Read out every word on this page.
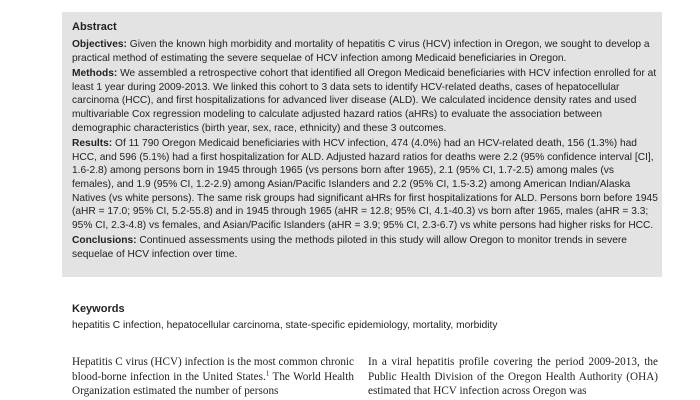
Abstract

Objectives: Given the known high morbidity and mortality of hepatitis C virus (HCV) infection in Oregon, we sought to develop a practical method of estimating the severe sequelae of HCV infection among Medicaid beneficiaries in Oregon.

Methods: We assembled a retrospective cohort that identified all Oregon Medicaid beneficiaries with HCV infection enrolled for at least 1 year during 2009-2013. We linked this cohort to 3 data sets to identify HCV-related deaths, cases of hepatocellular carcinoma (HCC), and first hospitalizations for advanced liver disease (ALD). We calculated incidence density rates and used multivariable Cox regression modeling to calculate adjusted hazard ratios (aHRs) to evaluate the association between demographic characteristics (birth year, sex, race, ethnicity) and these 3 outcomes.

Results: Of 11 790 Oregon Medicaid beneficiaries with HCV infection, 474 (4.0%) had an HCV-related death, 156 (1.3%) had HCC, and 596 (5.1%) had a first hospitalization for ALD. Adjusted hazard ratios for deaths were 2.2 (95% confidence interval [CI], 1.6-2.8) among persons born in 1945 through 1965 (vs persons born after 1965), 2.1 (95% CI, 1.7-2.5) among males (vs females), and 1.9 (95% CI, 1.2-2.9) among Asian/Pacific Islanders and 2.2 (95% CI, 1.5-3.2) among American Indian/Alaska Natives (vs white persons). The same risk groups had significant aHRs for first hospitalizations for ALD. Persons born before 1945 (aHR = 17.0; 95% CI, 5.2-55.8) and in 1945 through 1965 (aHR = 12.8; 95% CI, 4.1-40.3) vs born after 1965, males (aHR = 3.3; 95% CI, 2.3-4.8) vs females, and Asian/Pacific Islanders (aHR = 3.9; 95% CI, 2.3-6.7) vs white persons had higher risks for HCC.

Conclusions: Continued assessments using the methods piloted in this study will allow Oregon to monitor trends in severe sequelae of HCV infection over time.

Keywords

hepatitis C infection, hepatocellular carcinoma, state-specific epidemiology, mortality, morbidity

Hepatitis C virus (HCV) infection is the most common chronic blood-borne infection in the United States.$^1$ The World Health Organization estimated the number of persons
In a viral hepatitis profile covering the period 2009-2013, the Public Health Division of the Oregon Health Authority (OHA) estimated that HCV infection across Oregon was
